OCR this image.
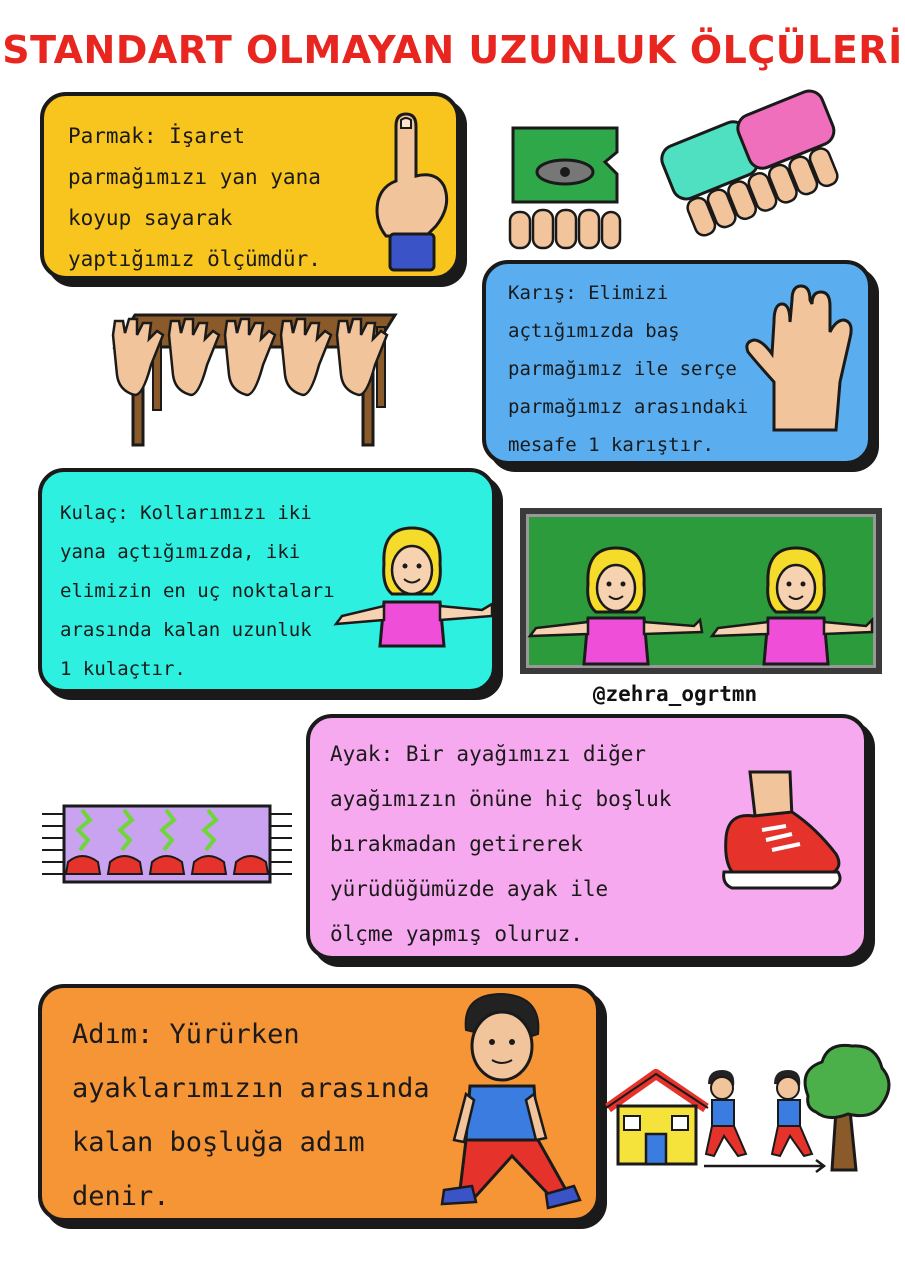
STANDART OLMAYAN UZUNLUK ÖLÇÜLERİ
Parmak: İşaret
parmağımızı yan yana
koyup sayarak
yaptığımız ölçümdür.
Karış: Elimizi
açtığımızda baş
parmağımız ile serçe
parmağımız arasındaki
mesafe 1 karıştır.
Kulaç: Kollarımızı iki
yana açtığımızda, iki
elimizin en uç noktaları
arasında kalan uzunluk
1 kulaçtır.
@zehra_ogrtmn
Ayak: Bir ayağımızı diğer
ayağımızın önüne hiç boşluk
bırakmadan getirerek
yürüdüğümüzde ayak ile
ölçme yapmış oluruz.
Adım: Yürürken
ayaklarımızın arasında
kalan boşluğa adım
denir.
